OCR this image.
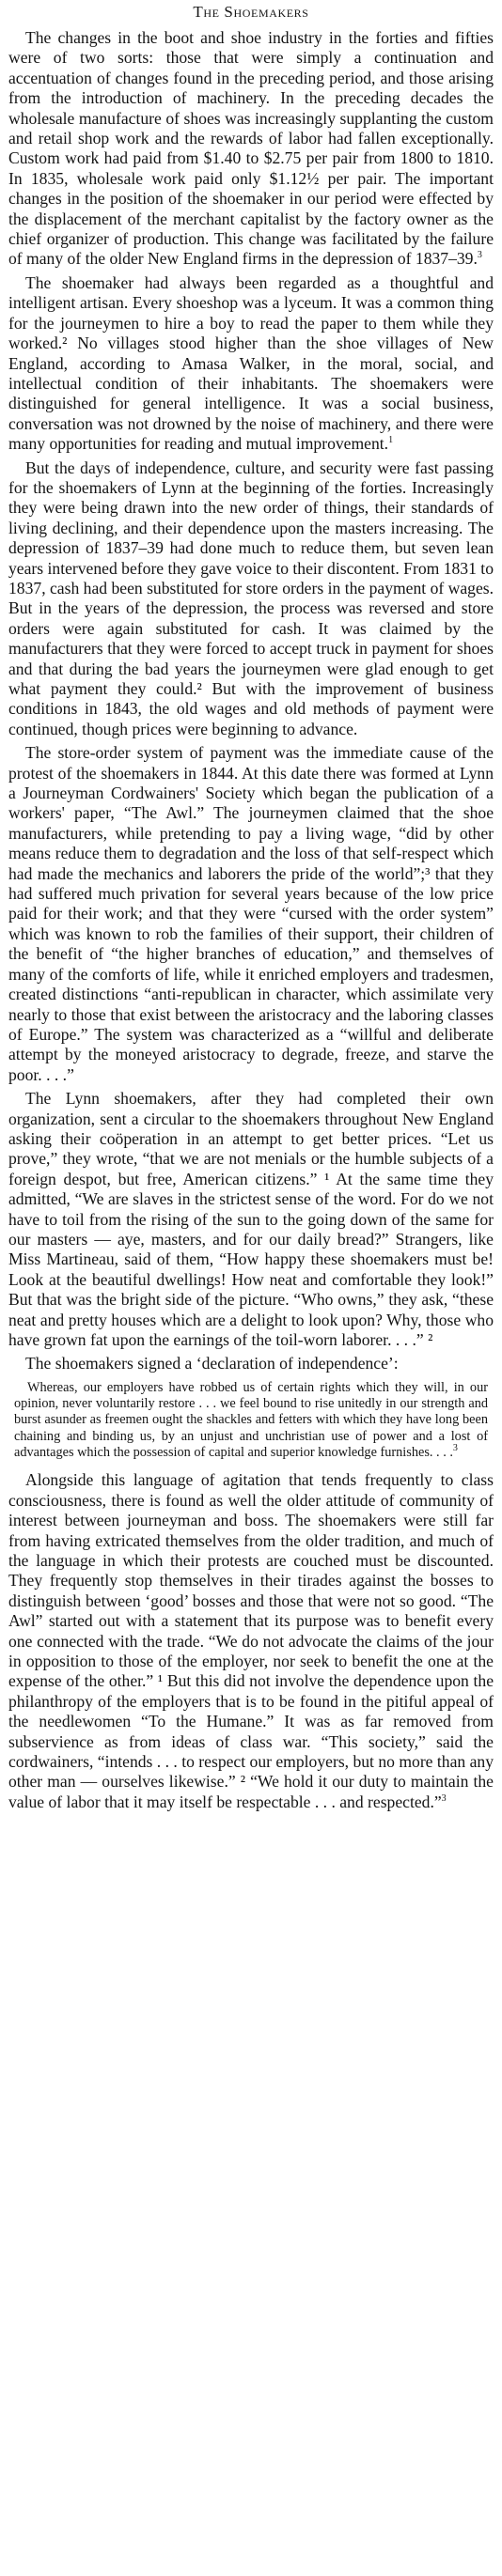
The Shoemakers

The changes in the boot and shoe industry in the forties and fifties were of two sorts: those that were simply a continuation and accentuation of changes found in the preceding period, and those arising from the introduction of machinery. In the preceding decades the wholesale manufacture of shoes was increasingly supplanting the custom and retail shop work and the rewards of labor had fallen exceptionally. Custom work had paid from $1.40 to $2.75 per pair from 1800 to 1810. In 1835, wholesale work paid only $1.12½ per pair. The important changes in the position of the shoemaker in our period were effected by the displacement of the merchant capitalist by the factory owner as the chief organizer of production. This change was facilitated by the failure of many of the older New England firms in the depression of 1837–39.$^3$

The shoemaker had always been regarded as a thoughtful and intelligent artisan. Every shoeshop was a lyceum. It was a common thing for the journeymen to hire a boy to read the paper to them while they worked.² No villages stood higher than the shoe villages of New England, according to Amasa Walker, in the moral, social, and intellectual condition of their inhabitants. The shoemakers were distinguished for general intelligence. It was a social business, conversation was not drowned by the noise of machinery, and there were many opportunities for reading and mutual improvement.$^1$

But the days of independence, culture, and security were fast passing for the shoemakers of Lynn at the beginning of the forties. Increasingly they were being drawn into the new order of things, their standards of living declining, and their dependence upon the masters increasing. The depression of 1837–39 had done much to reduce them, but seven lean years intervened before they gave voice to their discontent. From 1831 to 1837, cash had been substituted for store orders in the payment of wages. But in the years of the depression, the process was reversed and store orders were again substituted for cash. It was claimed by the manufacturers that they were forced to accept truck in payment for shoes and that during the bad years the journeymen were glad enough to get what payment they could.² But with the improvement of business conditions in 1843, the old wages and old methods of payment were continued, though prices were beginning to advance.

The store-order system of payment was the immediate cause of the protest of the shoemakers in 1844. At this date there was formed at Lynn a Journeyman Cordwainers' Society which began the publication of a workers' paper, “The Awl.” The journeymen claimed that the shoe manufacturers, while pretending to pay a living wage, “did by other means reduce them to degradation and the loss of that self-respect which had made the mechanics and laborers the pride of the world”;³ that they had suffered much privation for several years because of the low price paid for their work; and that they were “cursed with the order system” which was known to rob the families of their support, their children of the benefit of “the higher branches of education,” and themselves of many of the comforts of life, while it enriched employers and tradesmen, created distinctions “anti-republican in character, which assimilate very nearly to those that exist between the aristocracy and the laboring classes of Europe.” The system was characterized as a “willful and deliberate attempt by the moneyed aristocracy to degrade, freeze, and starve the poor. . . .”

The Lynn shoemakers, after they had completed their own organization, sent a circular to the shoemakers throughout New England asking their coöperation in an attempt to get better prices. “Let us prove,” they wrote, “that we are not menials or the humble subjects of a foreign despot, but free, American citizens.” ¹ At the same time they admitted, “We are slaves in the strictest sense of the word. For do we not have to toil from the rising of the sun to the going down of the same for our masters — aye, masters, and for our daily bread?” Strangers, like Miss Martineau, said of them, “How happy these shoemakers must be! Look at the beautiful dwellings! How neat and comfortable they look!” But that was the bright side of the picture. “Who owns,” they ask, “these neat and pretty houses which are a delight to look upon? Why, those who have grown fat upon the earnings of the toil-worn laborer. . . .” ²

The shoemakers signed a ‘declaration of independence’:

Whereas, our employers have robbed us of certain rights which they will, in our opinion, never voluntarily restore . . . we feel bound to rise unitedly in our strength and burst asunder as freemen ought the shackles and fetters with which they have long been chaining and binding us, by an unjust and unchristian use of power and a lost of advantages which the possession of capital and superior knowledge furnishes. . . .$^3$

Alongside this language of agitation that tends frequently to class consciousness, there is found as well the older attitude of community of interest between journeyman and boss. The shoemakers were still far from having extricated themselves from the older tradition, and much of the language in which their protests are couched must be discounted. They frequently stop themselves in their tirades against the bosses to distinguish between ‘good’ bosses and those that were not so good. “The Awl” started out with a statement that its purpose was to benefit every one connected with the trade. “We do not advocate the claims of the jour in opposition to those of the employer, nor seek to benefit the one at the expense of the other.” ¹ But this did not involve the dependence upon the philanthropy of the employers that is to be found in the pitiful appeal of the needlewomen “To the Humane.” It was as far removed from subservience as from ideas of class war. “This society,” said the cordwainers, “intends . . . to respect our employers, but no more than any other man — ourselves likewise.” ² “We hold it our duty to maintain the value of labor that it may itself be respectable . . . and respected.”$^3$
